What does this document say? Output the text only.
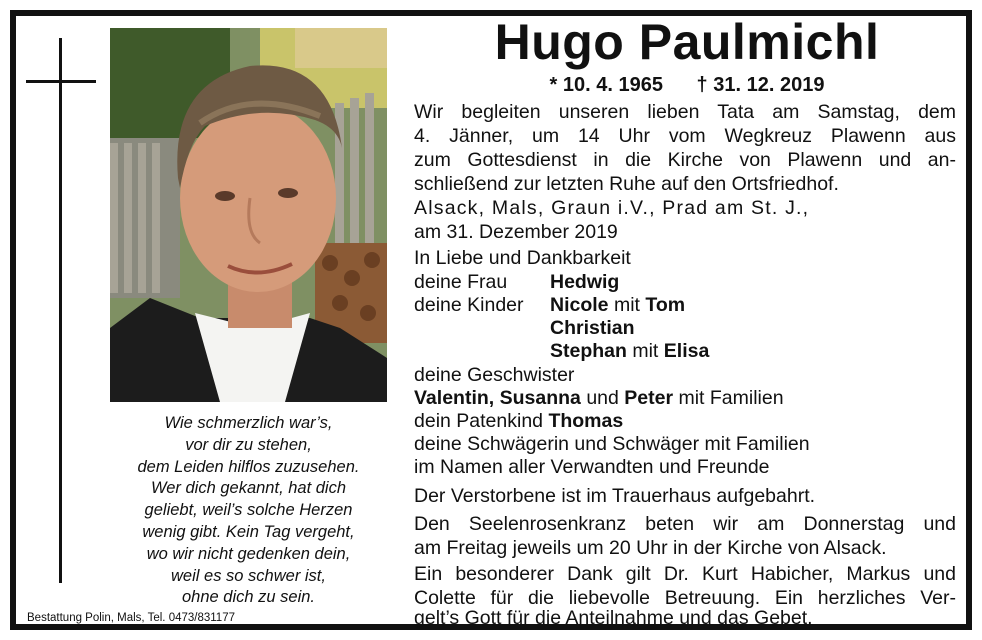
Wie schmerzlich war’s,
vor dir zu stehen,
dem Leiden hilflos zuzusehen.
Wer dich gekannt, hat dich
geliebt, weil’s solche Herzen
wenig gibt. Kein Tag vergeht,
wo wir nicht gedenken dein,
weil es so schwer ist,
ohne dich zu sein.
Bestattung Polin, Mals, Tel. 0473/831177
Hugo Paulmichl
* 10. 4. 1965 † 31. 12. 2019
Wir begleiten unseren lieben Tata am Samstag, dem
4. Jänner, um 14 Uhr vom Wegkreuz Plawenn aus
zum Gottesdienst in die Kirche von Plawenn und an-
schließend zur letzten Ruhe auf den Ortsfriedhof.
Alsack, Mals, Graun i.V., Prad am St. J.,
am 31. Dezember 2019
In Liebe und Dankbarkeit
deine Frau Hedwig
deine Kinder Nicole mit Tom
Christian
Stephan mit Elisa
deine Geschwister
Valentin, Susanna und Peter mit Familien
dein Patenkind Thomas
deine Schwägerin und Schwäger mit Familien
im Namen aller Verwandten und Freunde
Der Verstorbene ist im Trauerhaus aufgebahrt.
Den Seelenrosenkranz beten wir am Donnerstag und
am Freitag jeweils um 20 Uhr in der Kirche von Alsack.
Ein besonderer Dank gilt Dr. Kurt Habicher, Markus und
Colette für die liebevolle Betreuung. Ein herzliches Ver-
gelt’s Gott für die Anteilnahme und das Gebet.
